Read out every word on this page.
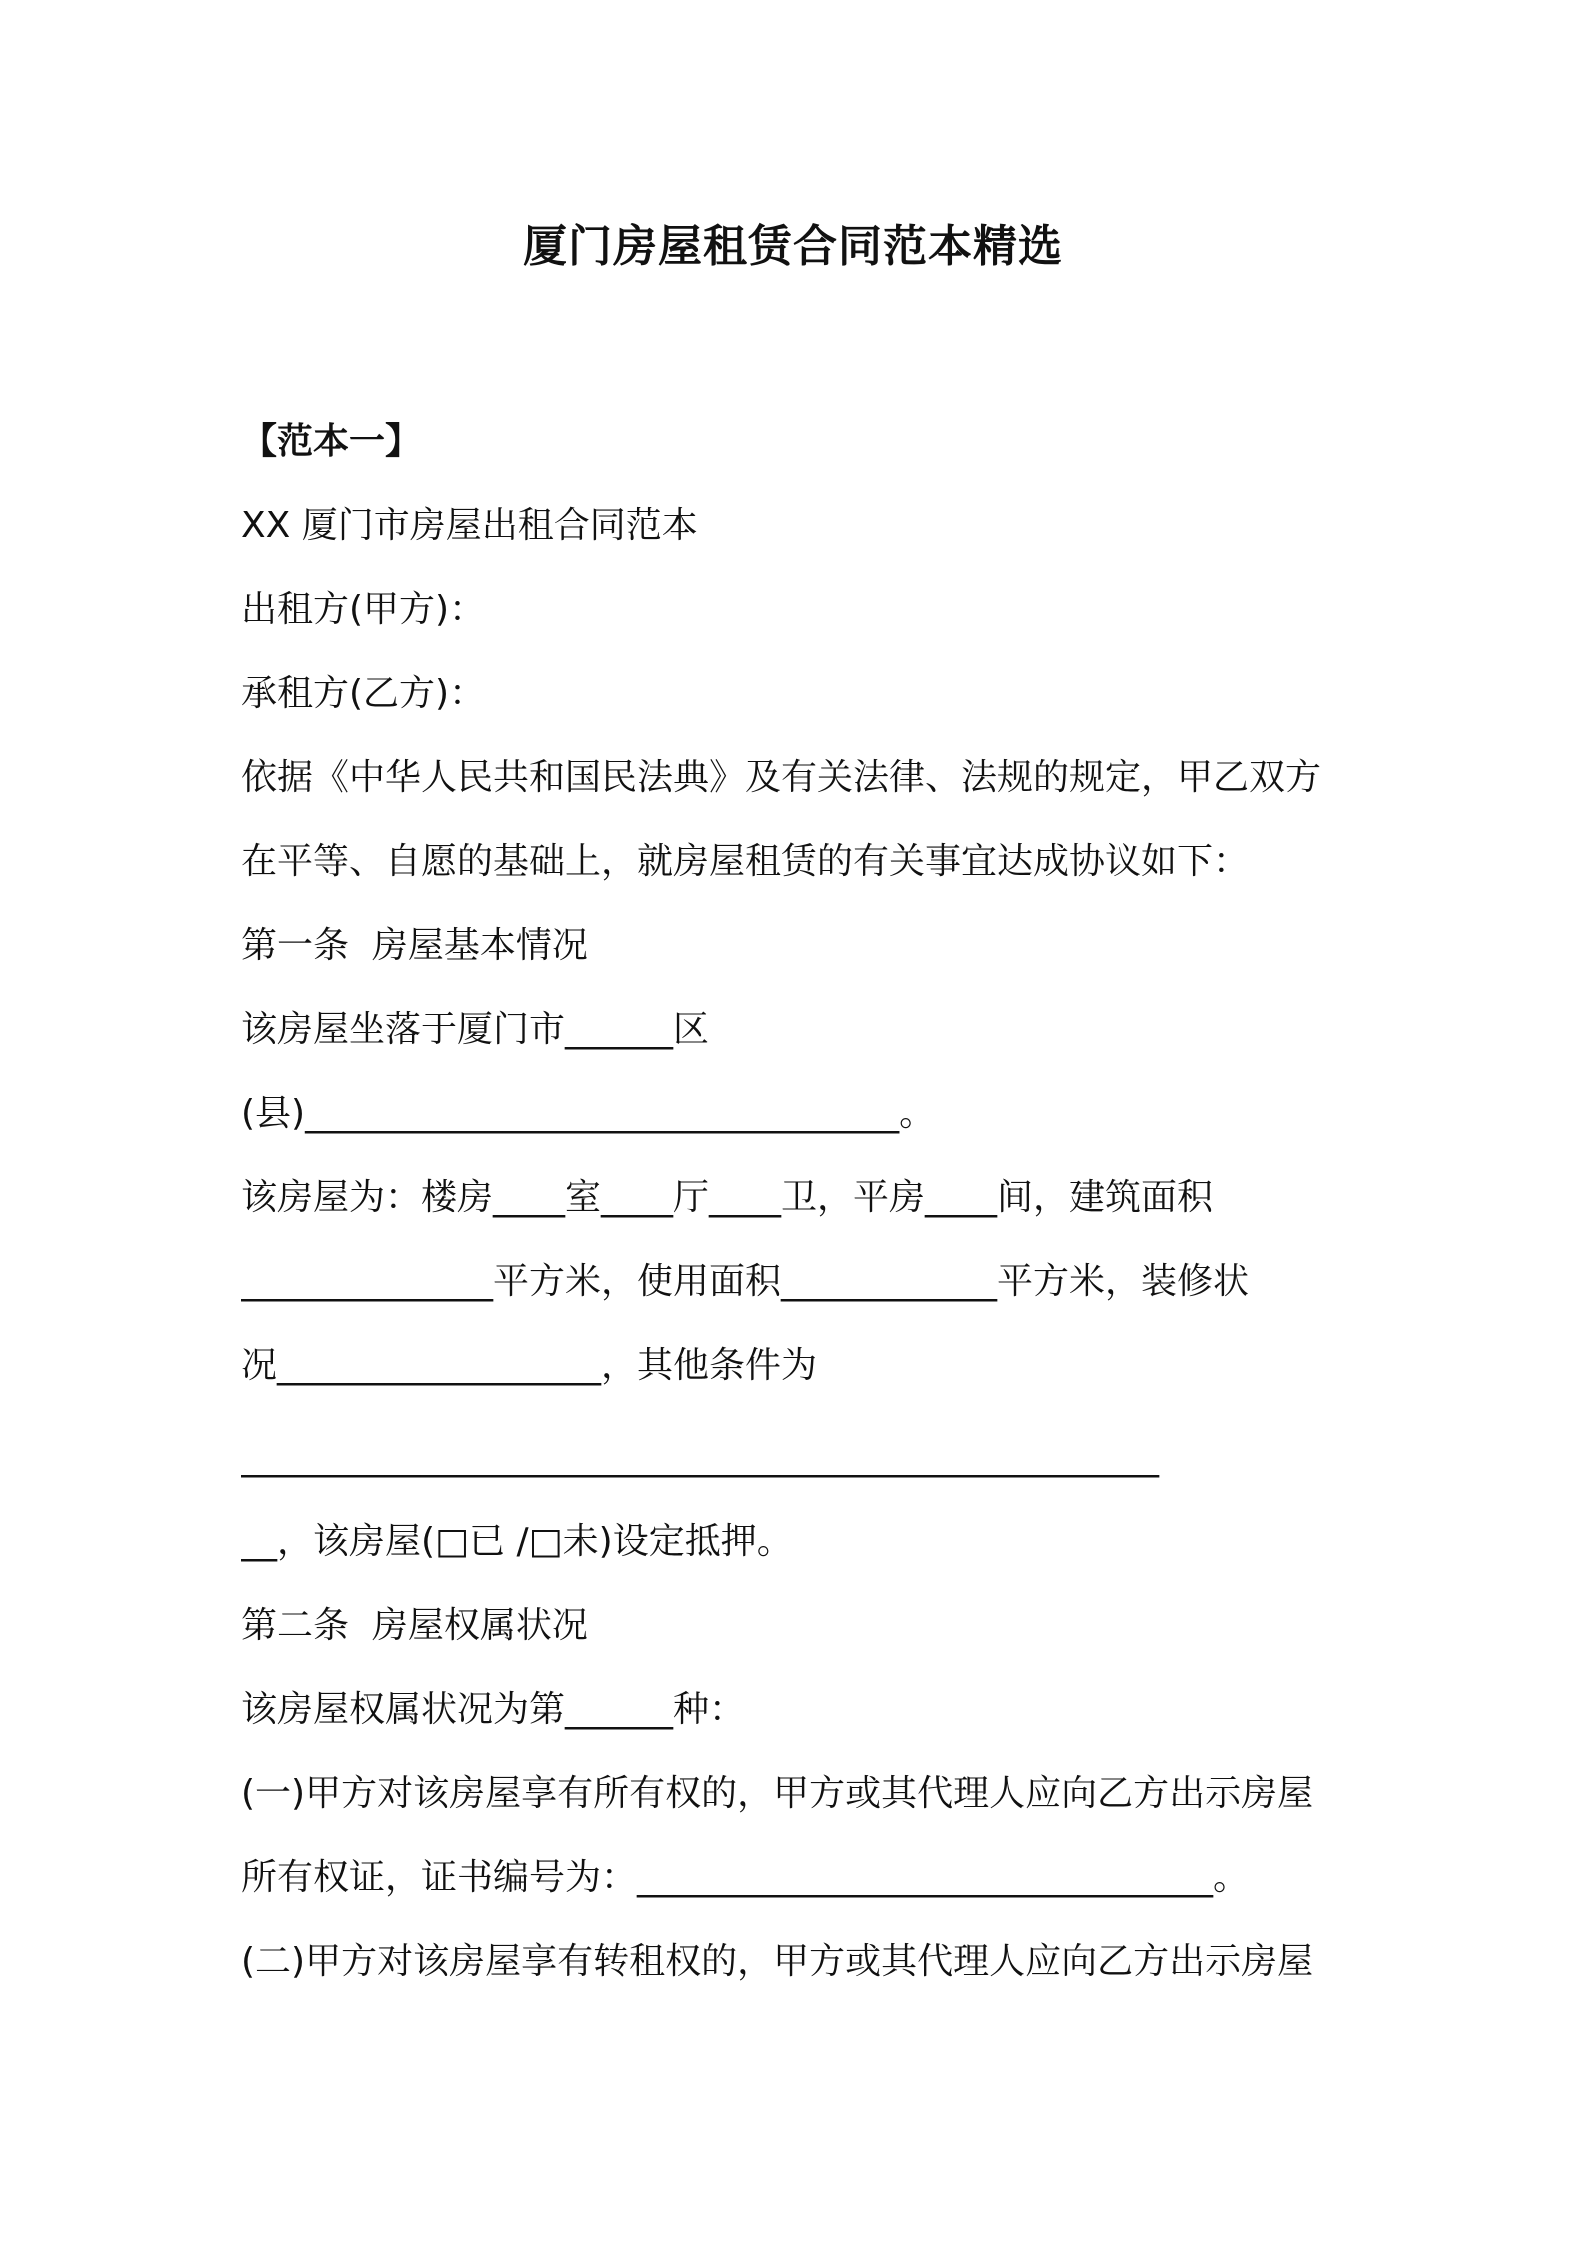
厦门房屋租赁合同范本精选
【范本一】
XX 厦门市房屋出租合同范本
出租方(甲方)：
承租方(乙方)：
依据《中华人民共和国民法典》及有关法律、法规的规定，甲乙双方
在平等、自愿的基础上，就房屋租赁的有关事宜达成协议如下：
第一条  房屋基本情况
该房屋坐落于厦门市______区
(县)_________________________________。
该房屋为：楼房____室____厅____卫，平房____间，建筑面积
______________平方米，使用面积____________平方米，装修状
况__________________，其他条件为
___________________________________________________
__，该房屋(□已 /□未)设定抵押。
第二条  房屋权属状况
该房屋权属状况为第______种：
(一)甲方对该房屋享有所有权的，甲方或其代理人应向乙方出示房屋
所有权证，证书编号为：________________________________。
(二)甲方对该房屋享有转租权的，甲方或其代理人应向乙方出示房屋
